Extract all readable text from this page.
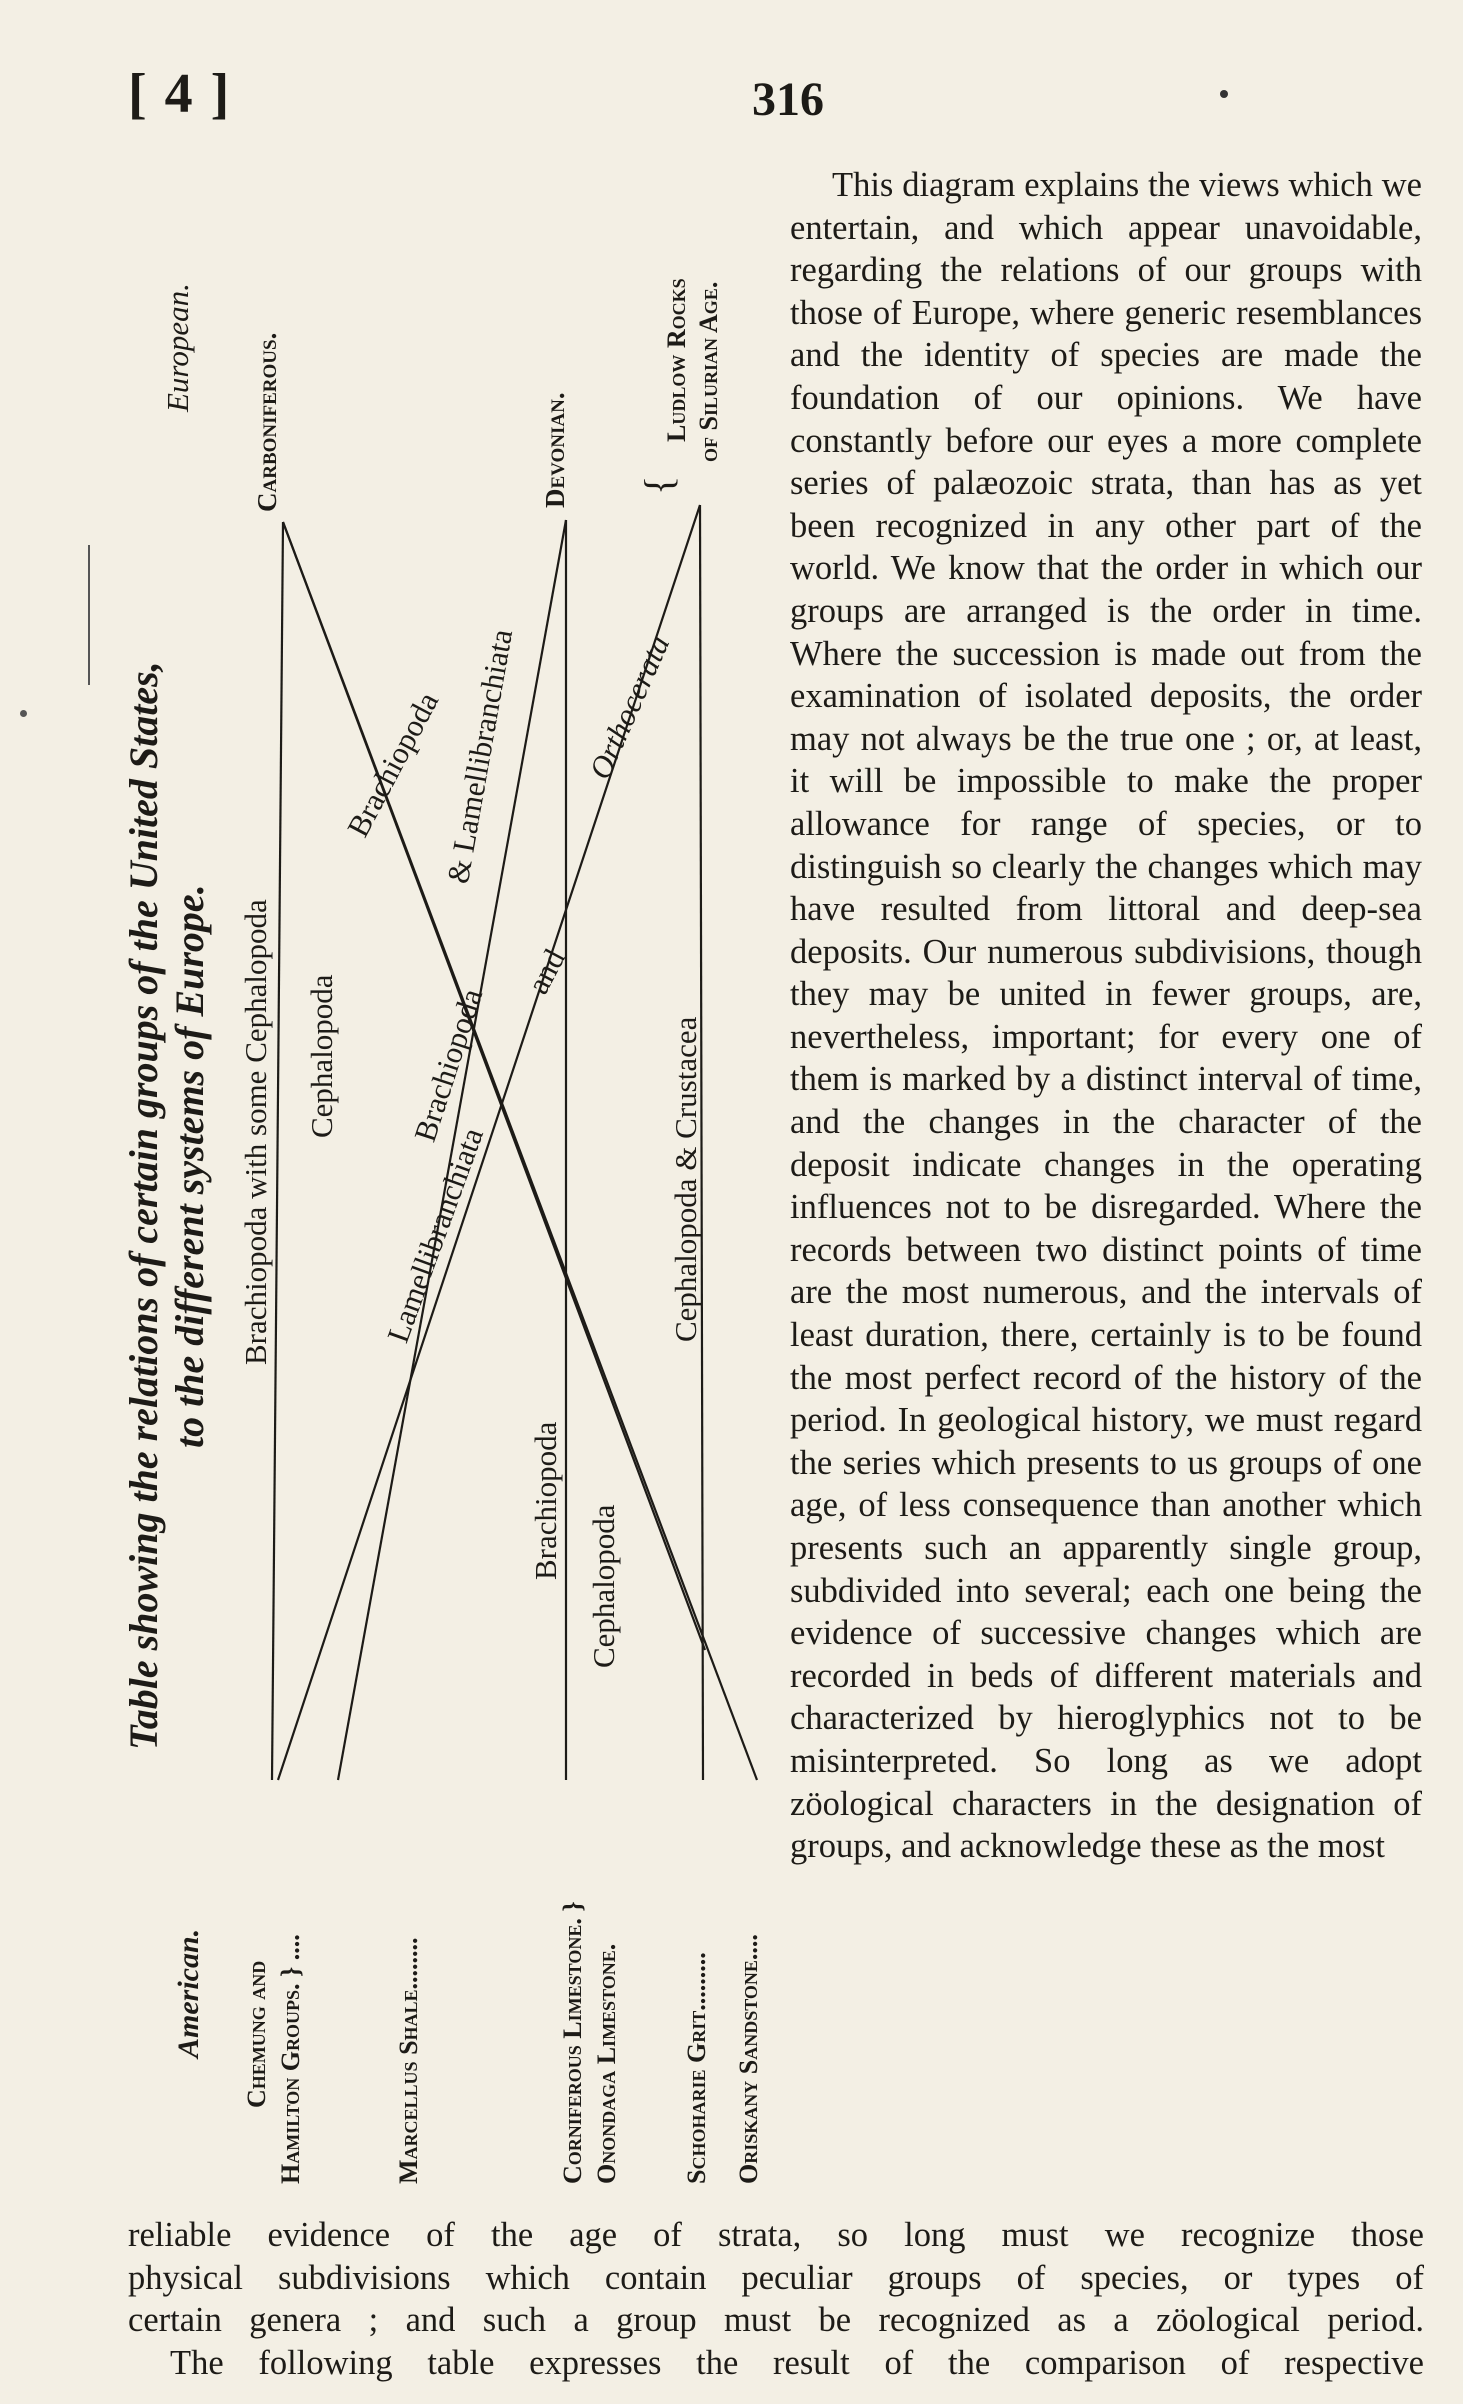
[ 4 ]	316
{
Table showing the relations of certain groups of the United States, to the different systems of Europe.
European. Carboniferous.	Devonian.
Ludlow Rocks of Silurian Age.
Brachiopoda with some Cephalopoda Cephalopoda
Brachiopoda
& Lamellibranchiata
Brachiopoda
Lamellibranchiata
and
Orthocerata
Cephalopoda & Crustacea
Brachiopoda
Cephalopoda
American. Chemung and Hamilton Groups. } ....	Marcellus Shale........	Corniferous Limestone. } Onondaga Limestone. Schoharie Grit......... Oriskany Sandstone....

This diagram explains the views which we entertain, and which appear unavoidable, regarding the relations of our groups with those of Europe, where generic resemblances and the identity of species are made the foundation of our opinions. We have constantly before our eyes a more complete series of palæozoic strata, than has as yet been recognized in any other part of the world. We know that the order in which our groups are arranged is the order in time. Where the succession is made out from the examination of isolated deposits, the order may not always be the true one ; or, at least, it will be impossible to make the proper allowance for range of species, or to distinguish so clearly the changes which may have resulted from littoral and deep-sea deposits. Our numerous subdivisions, though they may be united in fewer groups, are, nevertheless, important; for every one of them is marked by a distinct interval of time, and the changes in the character of the deposit indicate changes in the operating influences not to be disregarded. Where the records between two distinct points of time are the most numerous, and the intervals of least duration, there, certainly is to be found the most perfect record of the history of the period. In geological history, we must regard the series which presents to us groups of one age, of less consequence than another which presents such an apparently single group, subdivided into several; each one being the evidence of successive changes which are recorded in beds of different materials and characterized by hieroglyphics not to be misinterpreted. So long as we adopt zöological characters in the designation of groups, and acknowledge these as the most

reliable evidence of the age of strata, so long must we recognize those
physical subdivisions which contain peculiar groups of species, or types of
certain genera ; and such a group must be recognized as a zöological period.
The following table expresses the result of the comparison of respective
